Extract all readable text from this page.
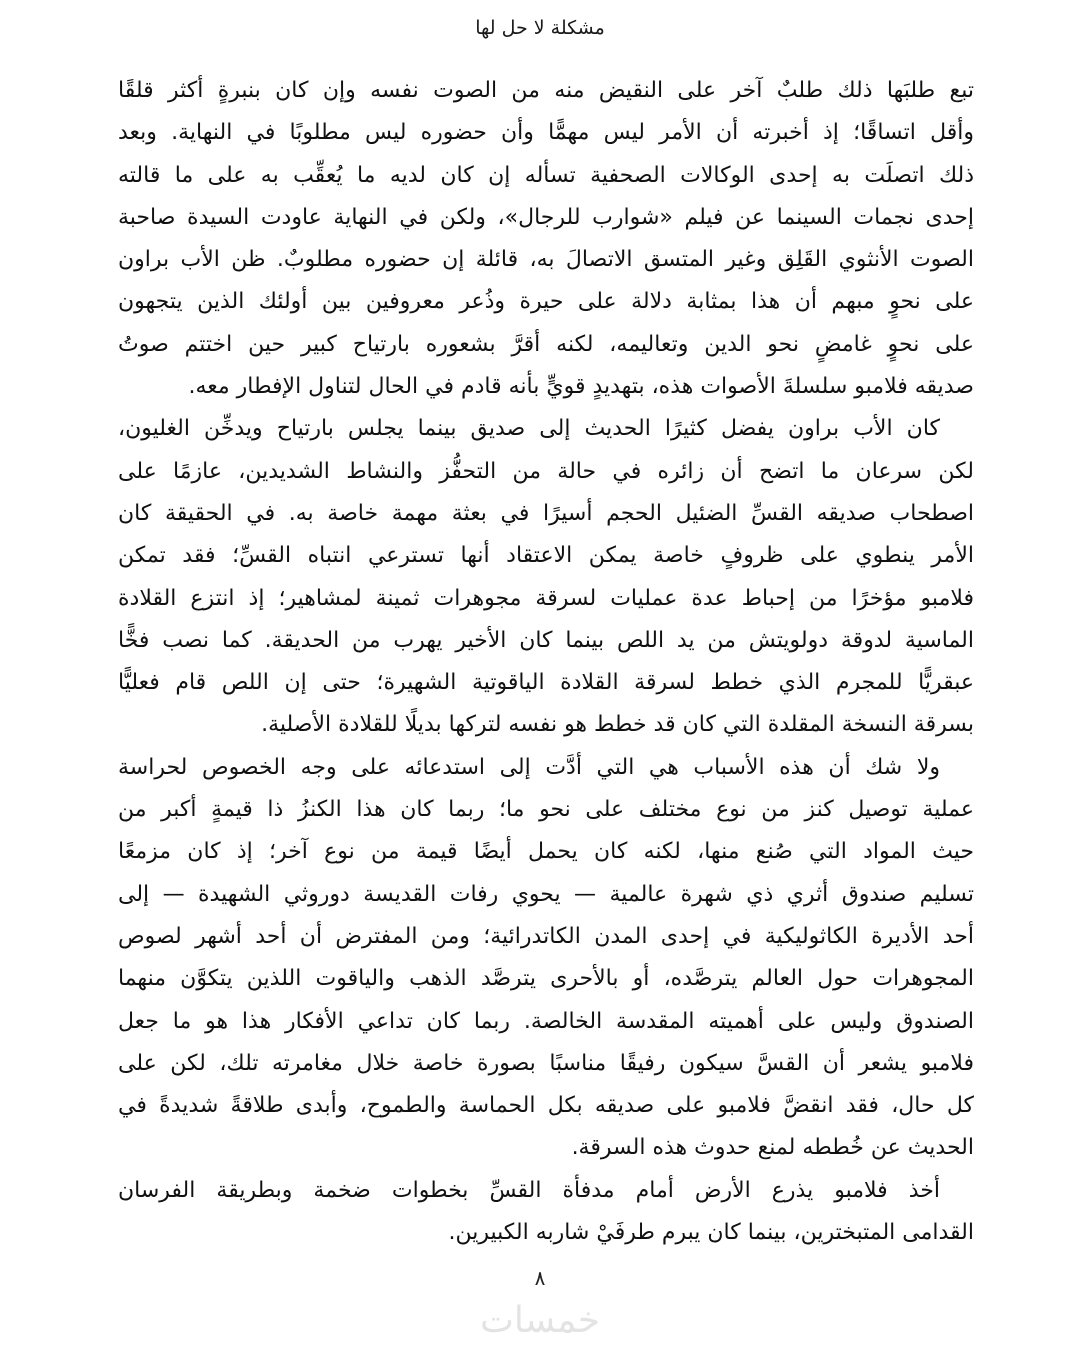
مشكلة لا حل لها
تبع طلبَها ذلك طلبٌ آخر على النقيض منه من الصوت نفسه وإن كان بنبرةٍ أكثر قلقًا
وأقل اتساقًا؛ إذ أخبرته أن الأمر ليس مهمًّا وأن حضوره ليس مطلوبًا في النهاية. وبعد
ذلك اتصلَت به إحدى الوكالات الصحفية تسأله إن كان لديه ما يُعقِّب به على ما قالته
إحدى نجمات السينما عن فيلم «شوارب للرجال»، ولكن في النهاية عاودت السيدة صاحبة
الصوت الأنثوي القَلِق وغير المتسق الاتصالَ به، قائلة إن حضوره مطلوبٌ. ظن الأب براون
على نحوٍ مبهم أن هذا بمثابة دلالة على حيرة وذُعر معروفين بين أولئك الذين يتجهون
على نحوٍ غامضٍ نحو الدين وتعاليمه، لكنه أقرَّ بشعوره بارتياح كبير حين اختتم صوتُ
صديقه فلامبو سلسلةَ الأصوات هذه، بتهديدٍ قويٍّ بأنه قادم في الحال لتناول الإفطار معه.
كان الأب براون يفضل كثيرًا الحديث إلى صديق بينما يجلس بارتياح ويدخِّن الغليون،
لكن سرعان ما اتضح أن زائره في حالة من التحفُّز والنشاط الشديدين، عازمًا على
اصطحاب صديقه القسِّ الضئيل الحجم أسيرًا في بعثة مهمة خاصة به. في الحقيقة كان
الأمر ينطوي على ظروفٍ خاصة يمكن الاعتقاد أنها تسترعي انتباه القسِّ؛ فقد تمكن
فلامبو مؤخرًا من إحباط عدة عمليات لسرقة مجوهرات ثمينة لمشاهير؛ إذ انتزع القلادة
الماسية لدوقة دولويتش من يد اللص بينما كان الأخير يهرب من الحديقة. كما نصب فخًّا
عبقريًّا للمجرم الذي خطط لسرقة القلادة الياقوتية الشهيرة؛ حتى إن اللص قام فعليًّا
بسرقة النسخة المقلدة التي كان قد خطط هو نفسه لتركها بديلًا للقلادة الأصلية.
ولا شك أن هذه الأسباب هي التي أدَّت إلى استدعائه على وجه الخصوص لحراسة
عملية توصيل كنز من نوع مختلف على نحو ما؛ ربما كان هذا الكنزُ ذا قيمةٍ أكبر من
حيث المواد التي صُنع منها، لكنه كان يحمل أيضًا قيمة من نوع آخر؛ إذ كان مزمعًا
تسليم صندوق أثري ذي شهرة عالمية — يحوي رفات القديسة دوروثي الشهيدة — إلى
أحد الأديرة الكاثوليكية في إحدى المدن الكاتدرائية؛ ومن المفترض أن أحد أشهر لصوص
المجوهرات حول العالم يترصَّده، أو بالأحرى يترصَّد الذهب والياقوت اللذين يتكوَّن منهما
الصندوق وليس على أهميته المقدسة الخالصة. ربما كان تداعي الأفكار هذا هو ما جعل
فلامبو يشعر أن القسَّ سيكون رفيقًا مناسبًا بصورة خاصة خلال مغامرته تلك، لكن على
كل حال، فقد انقضَّ فلامبو على صديقه بكل الحماسة والطموح، وأبدى طلاقةً شديدةً في
الحديث عن خُططه لمنع حدوث هذه السرقة.
أخذ فلامبو يذرع الأرض أمام مدفأة القسِّ بخطوات ضخمة وبطريقة الفرسان
القدامى المتبخترين، بينما كان يبرم طرفَيْ شاربه الكبيرين.
٨
خمسات
